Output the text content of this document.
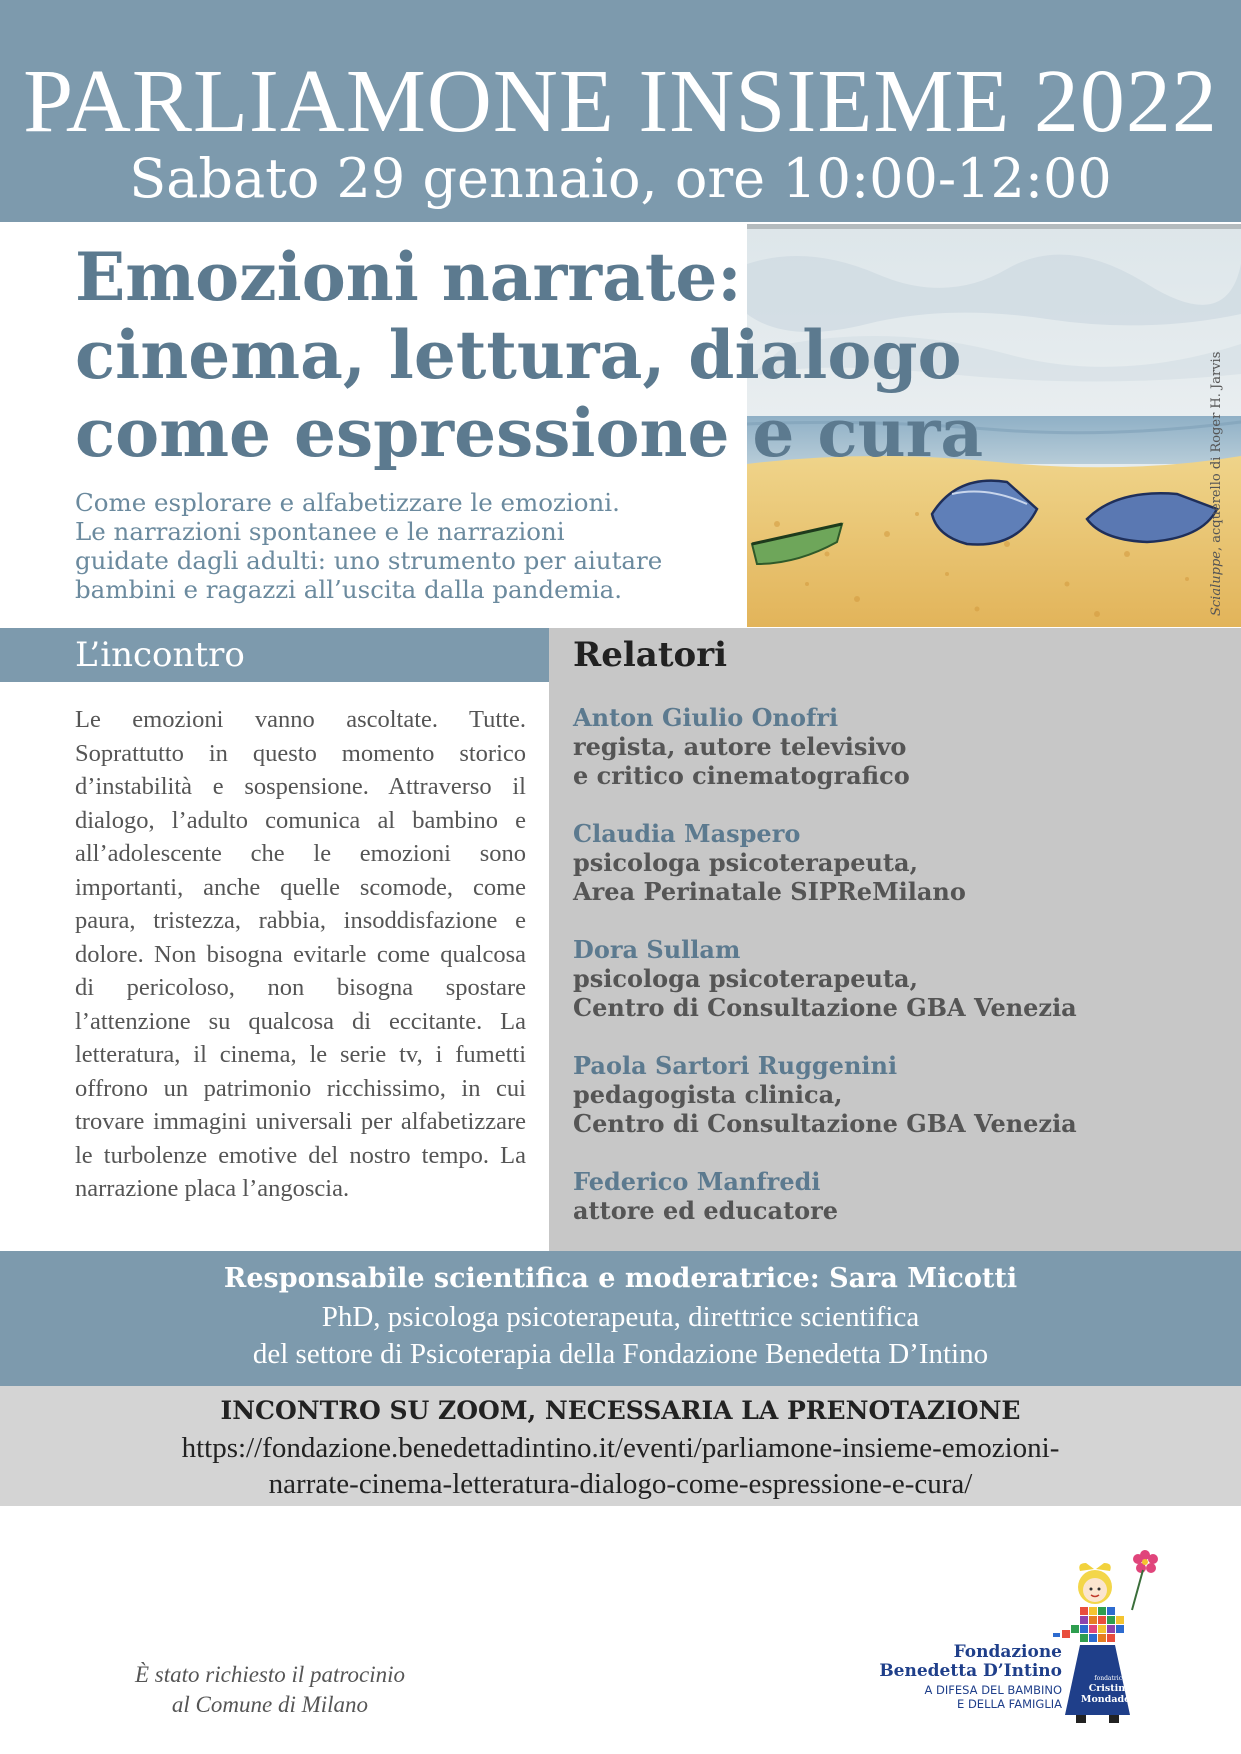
PARLIAMONE INSIEME 2022
Sabato 29 gennaio, ore 10:00-12:00
Scialuppe, acquerello di Roger H. Jarvis
Emozioni narrate:
cinema, lettura, dialogo
come espressione e cura
Come esplorare e alfabetizzare le emozioni.
Le narrazioni spontanee e le narrazioni
guidate dagli adulti: uno strumento per aiutare
bambini e ragazzi all’uscita dalla pandemia.
L’incontro

Le emozioni vanno ascoltate. Tutte. Soprattutto in questo momento storico d’instabilità e sospensione. Attraverso il dialogo, l’adulto comunica al bambino e all’adolescente che le emozioni sono importanti, anche quelle scomode, come paura, tristezza, rabbia, insoddisfazione e dolore. Non bisogna evitarle come qualcosa di pericoloso, non bisogna spostare l’attenzione su qualcosa di eccitante. La letteratura, il cinema, le serie tv, i fumetti offrono un patrimonio ricchissimo, in cui trovare immagini universali per alfabetizzare le turbolenze emotive del nostro tempo. La narrazione placa l’angoscia.

Relatori
Anton Giulio Onofri
regista, autore televisivo
e critico cinematografico
Claudia Maspero
psicologa psicoterapeuta,
Area Perinatale SIPReMilano
Dora Sullam
psicologa psicoterapeuta,
Centro di Consultazione GBA Venezia
Paola Sartori Ruggenini
pedagogista clinica,
Centro di Consultazione GBA Venezia
Federico Manfredi
attore ed educatore
Responsabile scientifica e moderatrice: Sara Micotti
PhD, psicologa psicoterapeuta, direttrice scientifica
del settore di Psicoterapia della Fondazione Benedetta D’Intino
INCONTRO SU ZOOM, NECESSARIA LA PRENOTAZIONE
https://fondazione.benedettadintino.it/eventi/parliamone-insieme-emozioni-
narrate-cinema-letteratura-dialogo-come-espressione-e-cura/
È stato richiesto il patrocinio
al Comune di Milano
Fondazione
Benedetta D’Intino
A DIFESA DEL BAMBINO
E DELLA FAMIGLIA
fondatrice
Cristina
Mondadori
